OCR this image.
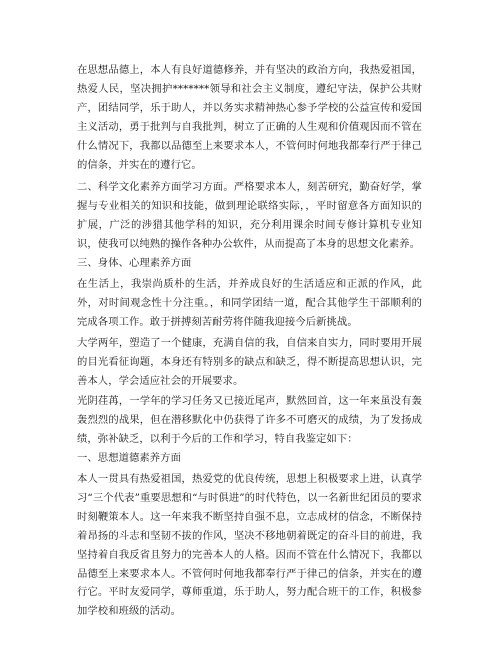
在思想品德上，本人有良好道德修养，并有坚决的政治方向，我热爱祖国，热爱人民，坚决拥护*******领导和社会主义制度，遵纪守法，保护公共财产，团结同学，乐于助人，并以务实求精神热心参予学校的公益宣传和爱国主义活动，勇于批判与自我批判，树立了正确的人生观和价值观因而不管在什么情况下，我都以品德至上来要求本人，不管何时何地我都奉行严于律己的信条，并实在的遵行它。

二、科学文化素养方面学习方面。严格要求本人，刻苦研究，勤奋好学，掌握与专业相关的知识和技能，做到理论联络实际，，平时留意各方面知识的扩展，广泛的涉猎其他学科的知识，充分利用课余时间专修计算机专业知识，使我可以纯熟的操作各种办公软件，从而提高了本身的思想文化素养。

三、身体、心理素养方面

在生活上，我崇尚质朴的生活，并养成良好的生活适应和正派的作风，此外，对时间观念性十分注重。，和同学团结一道，配合其他学生干部顺利的完成各项工作。敢于拼搏刻苦耐劳将伴随我迎接今后新挑战。

大学两年，塑造了一个健康，充满自信的我，自信来自实力，同时要用开展的目光看征询题，本身还有特别多的缺点和缺乏，得不断提高思想认识，完善本人，学会适应社会的开展要求。

光阴荏苒，一学年的学习任务又已接近尾声，默然回首，这一年来虽没有轰轰烈烈的战果，但在潜移默化中仍获得了许多不可磨灭的成绩，为了发扬成绩，弥补缺乏，以利于今后的工作和学习，特自我鉴定如下：

一、思想道德素养方面

本人一贯具有热爱祖国，热爱党的优良传统，思想上积极要求上进，认真学习“三个代表”重要思想和“与时俱进”的时代特色，以一名新世纪团员的要求时刻鞭策本人。这一年来我不断坚持自强不息，立志成材的信念，不断保持着昂扬的斗志和坚韧不拔的作风，坚决不移地朝着既定的奋斗目的前进，我坚持着自我反省且努力的完善本人的人格。因而不管在什么情况下，我都以品德至上来要求本人。不管何时何地我都奉行严于律己的信条，并实在的遵行它。平时友爱同学，尊师重道，乐于助人，努力配合班干的工作，积极参加学校和班级的活动。
